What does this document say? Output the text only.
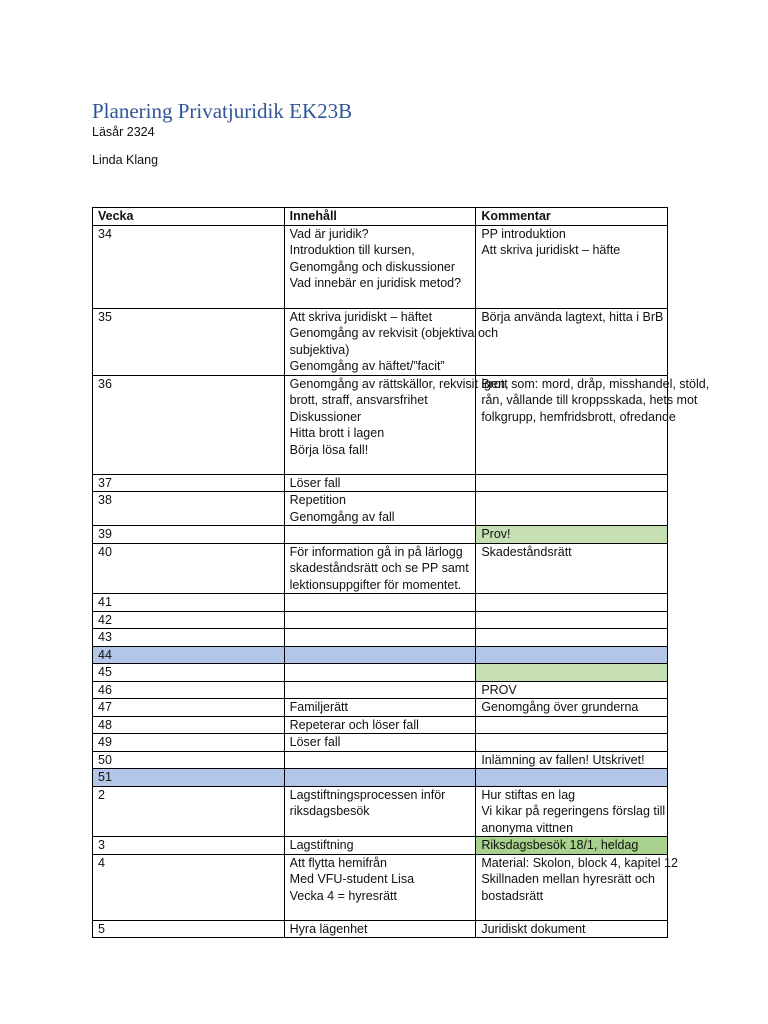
Planering Privatjuridik EK23B
Läsår 2324
Linda Klang
Vecka	Innehåll	Kommentar
34	Vad är juridik?
Introduktion till kursen,
Genomgång och diskussioner
Vad innebär en juridisk metod?	PP introduktion
Att skriva juridiskt – häfte

35	Att skriva juridiskt – häftet
Genomgång av rekvisit (objektiva och
subjektiva)
Genomgång av häftet/”facit”	Börja använda lagtext, hitta i BrB

36	Genomgång av rättskällor, rekvisit igen,
brott, straff, ansvarsfrihet
Diskussioner
Hitta brott i lagen
Börja lösa fall!	Brott som: mord, dråp, misshandel, stöld,
rån, vållande till kroppsskada, hets mot
folkgrupp, hemfridsbrott, ofredande

37	Löser fall	

38	Repetition
Genomgång av fall	

39		Prov!

40	För information gå in på lärlogg
skadeståndsrätt och se PP samt
lektionsuppgifter för momentet.	Skadeståndsrätt

41		
42		
43		
44		
45		
46		PROV

47	Familjerätt	Genomgång över grunderna

48	Repeterar och löser fall	

49	Löser fall	

50		Inlämning av fallen! Utskrivet!

51		
2	Lagstiftningsprocessen inför
riksdagsbesök	Hur stiftas en lag
Vi kikar på regeringens förslag till
anonyma vittnen

3	Lagstiftning	Riksdagsbesök 18/1, heldag

4	Att flytta hemifrån
Med VFU-student Lisa
Vecka 4 = hyresrätt	Material: Skolon, block 4, kapitel 12
Skillnaden mellan hyresrätt och
bostadsrätt

5	Hyra lägenhet	Juridiskt dokument
